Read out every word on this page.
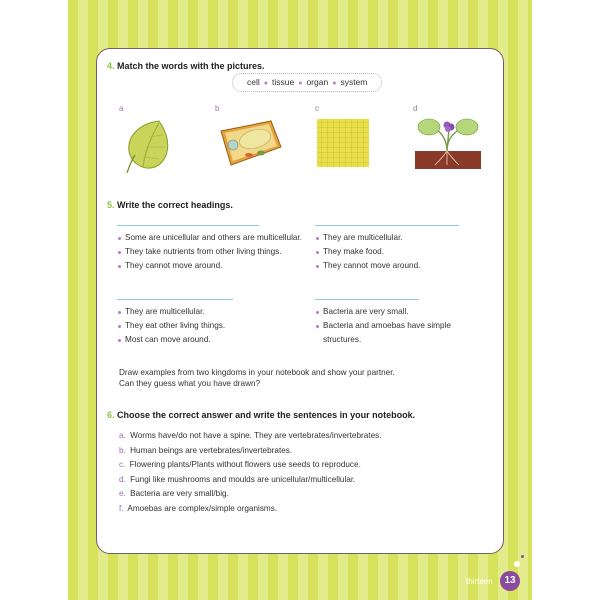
4. Match the words with the pictures.
cell ● tissue ● organ ● system
a	b	c	d
5. Write the correct headings.
Some are unicellular and others are multicellular.
They take nutrients from other living things.
They cannot move around.
They are multicellular.
They make food.
They cannot move around.
They are multicellular.
They eat other living things.
Most can move around.
Bacteria are very small.
Bacteria and amoebas have simple structures.
Draw examples from two kingdoms in your notebook and show your partner.
Can they guess what you have drawn?
6. Choose the correct answer and write the sentences in your notebook.
a. Worms have/do not have a spine. They are vertebrates/invertebrates.
b. Human beings are vertebrates/invertebrates.
c. Flowering plants/Plants without flowers use seeds to reproduce.
d. Fungi like mushrooms and moulds are unicellular/multicellular.
e. Bacteria are very small/big.
f. Amoebas are complex/simple organisms.
thirteen	13
